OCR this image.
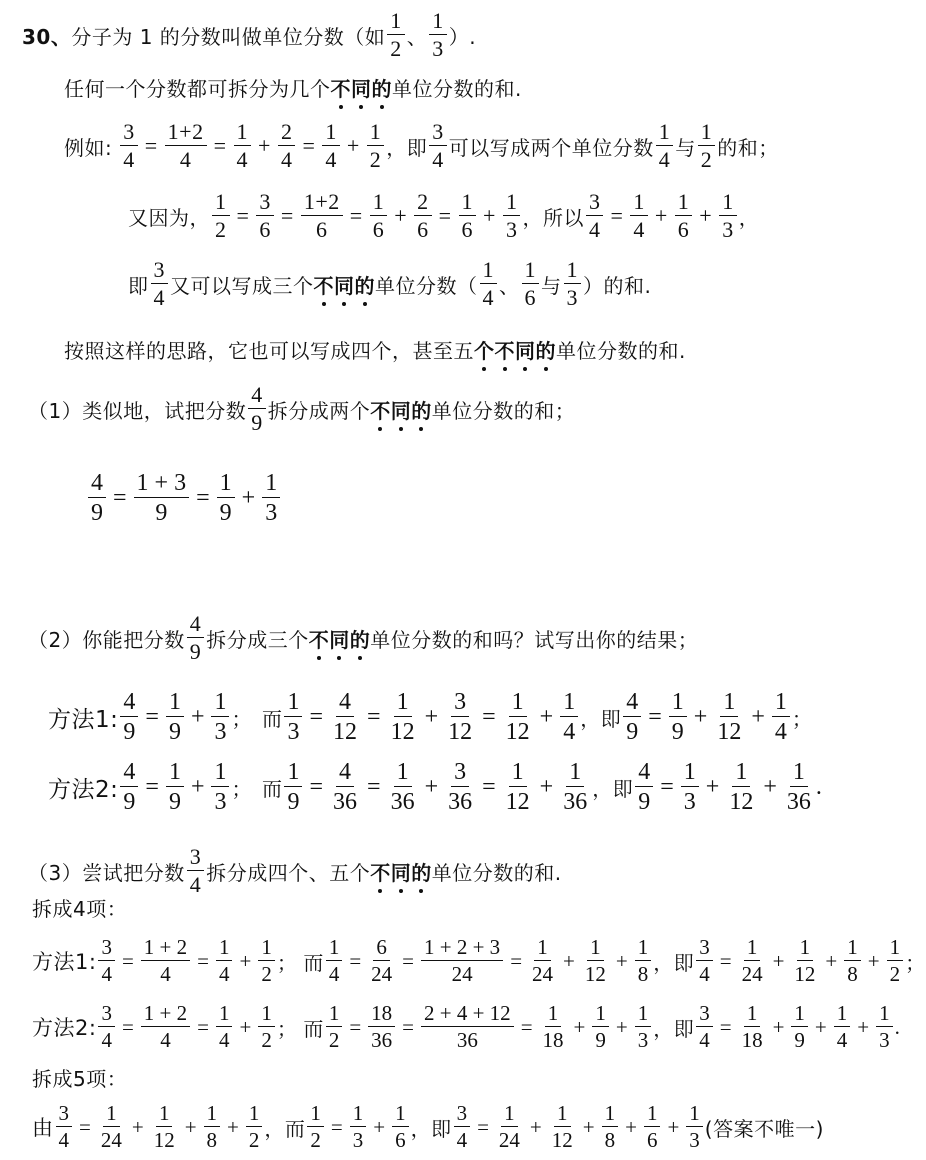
30、 分子为 1 的分数叫做单位分数（如 $\frac{1}{2}$ 、 $\frac{1}{3}$ ）.
任何一个分数都可拆分为几个 不 同 的 单位分数的和.
例如: $\frac{3}{4} = \frac{1+2}{4} = \frac{1}{4} + \frac{2}{4} = \frac{1}{4} + \frac{1}{2}$ ，即 $\frac{3}{4}$ 可以写成两个单位分数 $\frac{1}{4}$ 与 $\frac{1}{2}$ 的和；
又因为， $\frac{1}{2} = \frac{3}{6} = \frac{1+2}{6} = \frac{1}{6} + \frac{2}{6} = \frac{1}{6} + \frac{1}{3}$ ，所以 $\frac{3}{4} = \frac{1}{4} + \frac{1}{6} + \frac{1}{3}$ ，
即 $\frac{3}{4}$ 又可以写成三个 不 同 的 单位分数（ $\frac{1}{4}$ 、 $\frac{1}{6}$ 与 $\frac{1}{3}$ ）的和.
按照这样的思路，它也可以写成四个，甚至五 个 不 同 的 单位分数的和.
（1）类似地，试把分数 $\frac{4}{9}$ 拆分成两个 不 同 的 单位分数的和；
$\frac{4}{9} = \frac{1 + 3}{9} = \frac{1}{9} + \frac{1}{3}$
（2）你能把分数 $\frac{4}{9}$ 拆分成三个 不 同 的 单位分数的和吗？试写出你的结果；
方法1: $\frac{4}{9} = \frac{1}{9} + \frac{1}{3}$ ； 而 $\frac{1}{3} = \frac{4}{12} = \frac{1}{12} + \frac{3}{12} = \frac{1}{12} + \frac{1}{4}$ ， 即 $\frac{4}{9} = \frac{1}{9} + \frac{1}{12} + \frac{1}{4}$ ；
方法2: $\frac{4}{9} = \frac{1}{9} + \frac{1}{3}$ ； 而 $\frac{1}{9} = \frac{4}{36} = \frac{1}{36} + \frac{3}{36} = \frac{1}{12} + \frac{1}{36}$ ， 即 $\frac{4}{9} = \frac{1}{3} + \frac{1}{12} + \frac{1}{36}$ .
（3）尝试把分数 $\frac{3}{4}$ 拆分成四个、五个 不 同 的 单位分数的和.
拆成4项：
方法1: $\frac{3}{4} = \frac{1 + 2}{4} = \frac{1}{4} + \frac{1}{2}$ ； 而 $\frac{1}{4} = \frac{6}{24} = \frac{1 + 2 + 3}{24} = \frac{1}{24} + \frac{1}{12} + \frac{1}{8}$ ， 即 $\frac{3}{4} = \frac{1}{24} + \frac{1}{12} + \frac{1}{8} + \frac{1}{2}$ ；
方法2: $\frac{3}{4} = \frac{1 + 2}{4} = \frac{1}{4} + \frac{1}{2}$ ； 而 $\frac{1}{2} = \frac{18}{36} = \frac{2 + 4 + 12}{36} = \frac{1}{18} + \frac{1}{9} + \frac{1}{3}$ ， 即 $\frac{3}{4} = \frac{1}{18} + \frac{1}{9} + \frac{1}{4} + \frac{1}{3}$ .
拆成5项：
由 $\frac{3}{4} = \frac{1}{24} + \frac{1}{12} + \frac{1}{8} + \frac{1}{2}$ ， 而 $\frac{1}{2} = \frac{1}{3} + \frac{1}{6}$ ， 即 $\frac{3}{4} = \frac{1}{24} + \frac{1}{12} + \frac{1}{8} + \frac{1}{6} + \frac{1}{3}$ (答案不唯一)
